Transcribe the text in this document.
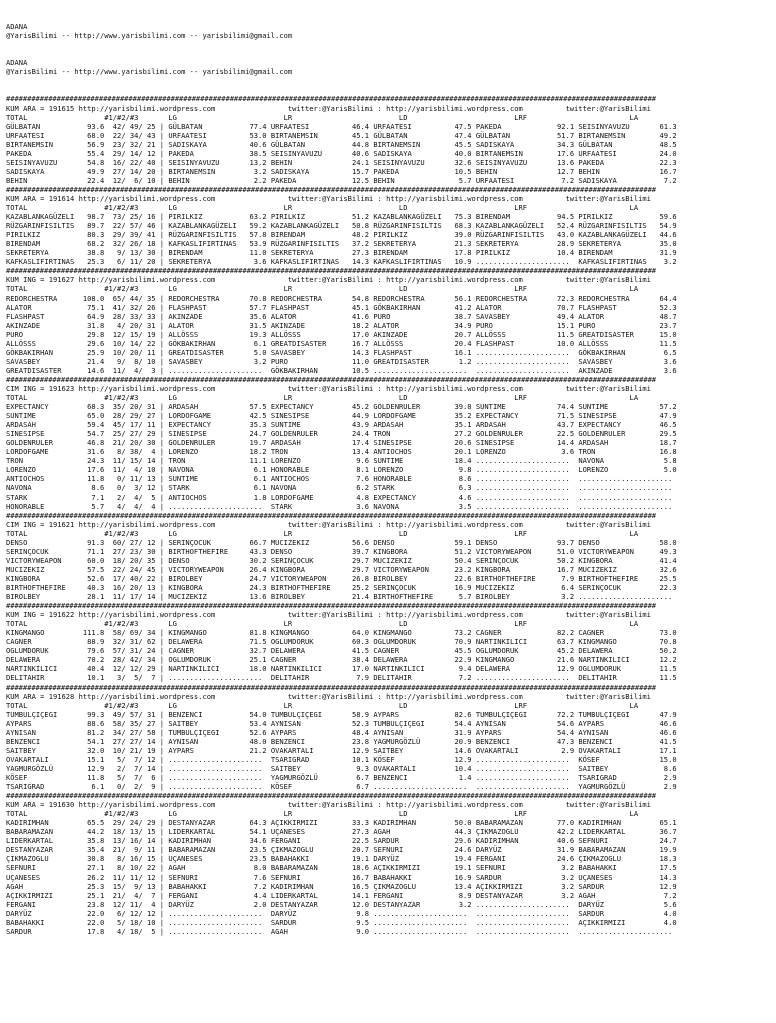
ADANA
@YarisBilimi -- http://www.yarisbilimi.com -- yarisbilimi@gmail.com

ADANA
@YarisBilimi -- http://www.yarisbilimi.com -- yarisbilimi@gmail.com

##########################################################################################################################################################
KUM ARA = 191615 http://yarisbilimi.wordpress.com                 twitter:@YarisBilimi : http://yarisbilimi.wordpress.com          twitter:@YarisBilimi
TOTAL                  #1/#2/#3       LG                         LR                         LD                         LRF                        LA
GÜLBATAN           93.6  42/ 49/ 25 | GÜLBATAN           77.4 URFAATESI          46.4 URFAATESI          47.5 PAKEDA             92.1 SEISINYAVUZU       61.3
URFAATESI          68.0  22/ 34/ 43 | URFAATESI          53.0 BIRTANEMSIN        45.1 GÜLBATAN           47.4 GÜLBATAN           51.7 BIRTANEMSIN        49.2
BIRTANEMSIN        56.9  23/ 32/ 21 | SADISKAYA          40.6 GÜLBATAN           44.8 BIRTANEMSIN        45.5 SADISKAYA          34.3 GÜLBATAN           48.5
PAKEDA             55.4  29/ 14/ 12 | PAKEDA             38.5 SEISINYAVUZU       40.6 SADISKAYA          40.0 BIRTANEMSIN        17.6 URFAATESI          24.0
SEISINYAVUZU       54.8  16/ 22/ 40 | SEISINYAVUZU       13.2 BEHIN              24.1 SEISINYAVUZU       32.6 SEISINYAVUZU       13.6 PAKEDA             22.3
SADISKAYA          49.9  27/ 14/ 20 | BIRTANEMSIN         3.2 SADISKAYA          15.7 PAKEDA             10.5 BEHIN              12.7 BEHIN              16.7
BEHIN              22.4  12/  6/ 10 | BEHIN               2.2 PAKEDA             12.5 BEHIN               5.7 URFAATESI           7.2 SADISKAYA           7.2
##########################################################################################################################################################
KUM ARA = 191614 http://yarisbilimi.wordpress.com                 twitter:@YarisBilimi : http://yarisbilimi.wordpress.com          twitter:@YarisBilimi
TOTAL                  #1/#2/#3       LG                         LR                         LD                         LRF                        LA
KAZABLANKAGÜZELI   98.7  73/ 25/ 16 | PIRILKIZ           63.2 PIRILKIZ           51.2 KAZABLANKAGÜZELI   75.3 BIRENDAM           94.5 PIRILKIZ           59.6
RÜZGARINFISILTIS   89.7  22/ 57/ 46 | KAZABLANKAGÜZELI   59.2 KAZABLANKAGÜZELI   50.8 RÜZGARINFISILTIS   68.3 KAZABLANKAGÜZELI   52.4 RÜZGARINFISILTIS   54.9
PIRILKIZ           80.3  29/ 39/ 41 | RÜZGARINFISILTIS   57.8 BIRENDAM           48.2 PIRILKIZ           39.0 RÜZGARINFISILTIS   43.0 KAZABLANKAGÜZELI   44.6
BIRENDAM           68.2  32/ 26/ 18 | KAFKASLIFIRTINAS   53.9 RÜZGARINFISILTIS   37.2 SEKRETERYA         21.3 SEKRETERYA         28.9 SEKRETERYA         35.0
SEKRETERYA         38.8   9/ 13/ 30 | BIRENDAM           11.0 SEKRETERYA         27.3 BIRENDAM           17.8 PIRILKIZ           10.4 BIRENDAM           31.9
KAFKASLIFIRTINAS   25.3   6/ 11/ 20 | SEKRETERYA          3.6 KAFKASLIFIRTINAS   14.3 KAFKASLIFIRTINAS   10.9 ......................  KAFKASLIFIRTINAS    3.2
##########################################################################################################################################################
KUM ING = 191627 http://yarisbilimi.wordpress.com                 twitter:@YarisBilimi : http://yarisbilimi.wordpress.com          twitter:@YarisBilimi
TOTAL                  #1/#2/#3       LG                         LR                         LD                         LRF                        LA
REDORCHESTRA      108.0  65/ 44/ 35 | REDORCHESTRA       70.8 REDORCHESTRA       54.8 REDORCHESTRA       56.1 REDORCHESTRA       72.3 REDORCHESTRA       64.4
ALATOR             75.1  41/ 32/ 26 | FLASHPAST          57.7 FLASHPAST          45.1 GÖKBAKIRHAN        41.2 ALATOR             70.7 FLASHPAST          52.3
FLASHPAST          64.9  28/ 33/ 33 | AKINZADE           35.6 ALATOR             41.6 PURO               38.7 SAVASBEY           49.4 ALATOR             48.7
AKINZADE           31.8   4/ 20/ 31 | ALATOR             31.5 AKINZADE           18.2 ALATOR             34.9 PURO               15.1 PURO               23.7
PURO               29.8  12/ 15/ 19 | ALLÖSSS            19.3 ALLÖSSS            17.0 AKINZADE           20.7 ALLÖSSS            11.5 GREATDISASTER      15.0
ALLÖSSS            29.6  10/ 14/ 22 | GÖKBAKIRHAN         6.1 GREATDISASTER      16.7 ALLÖSSS            20.4 FLASHPAST          10.0 ALLÖSSS            11.5
GÖKBAKIRHAN        25.9  10/ 20/ 11 | GREATDISASTER       5.0 SAVASBEY           14.3 FLASHPAST          16.1 ......................  GÖKBAKIRHAN         6.5
SAVASBEY           21.4   9/  8/ 10 | SAVASBEY            3.2 PURO               11.0 GREATDISASTER       1.2 ......................  SAVASBEY            3.6
GREATDISASTER      14.6  11/  4/  3 | ......................  GÖKBAKIRHAN        10.5 ......................  ......................  AKINZADE            3.6
##########################################################################################################################################################
CIM ING = 191623 http://yarisbilimi.wordpress.com                 twitter:@YarisBilimi : http://yarisbilimi.wordpress.com          twitter:@YarisBilimi
TOTAL                  #1/#2/#3       LG                         LR                         LD                         LRF                        LA
EXPECTANCY         68.3  35/ 20/ 31 | ARDASAH            57.5 EXPECTANCY         45.2 GOLDENRULER        39.8 SUNTIME            74.4 SUNTIME            57.2
SUNTIME            65.0  28/ 29/ 27 | LORDOFGAME         42.5 SINESIPSE          44.9 LORDOFGAME         35.2 EXPECTANCY         71.5 SINESIPSE          47.9
ARDASAH            59.4  45/ 17/ 11 | EXPECTANCY         35.3 SUNTIME            43.9 ARDASAH            35.1 ARDASAH            43.7 EXPECTANCY         46.5
SINESIPSE          54.7  25/ 27/ 29 | SINESIPSE          24.7 GOLDENRULER        24.4 TRON               27.2 GOLDENRULER        22.5 GOLDENRULER        29.5
GOLDENRULER        46.8  21/ 20/ 30 | GOLDENRULER        19.7 ARDASAH            17.4 SINESIPSE          20.6 SINESIPSE          14.4 ARDASAH            18.7
LORDOFGAME         31.6   8/ 38/  4 | LORENZO            18.2 TRON               13.4 ANTIOCHOS          20.1 LORENZO             3.6 TRON               16.8
TRON               24.3  11/ 15/ 14 | TRON               11.1 LORENZO             9.6 SUNTIME            18.4 ......................  NAVONA              5.8
LORENZO            17.6  11/  4/ 10 | NAVONA              6.1 HONORABLE           8.1 LORENZO             9.8 ......................  LORENZO             5.0
ANTIOCHOS          11.8   0/ 11/ 13 | SUNTIME             6.1 ANTIOCHOS           7.6 HONORABLE           8.6 ......................  ......................
NAVONA              8.6   0/  3/ 12 | STARK               6.1 NAVONA              6.2 STARK               6.3 ......................  ......................
STARK               7.1   2/  4/  5 | ANTIOCHOS           1.8 LORDOFGAME          4.8 EXPECTANCY          4.6 ......................  ......................
HONORABLE           5.7   4/  4/  4 | ......................  STARK               3.6 NAVONA              3.5 ......................  ......................
##########################################################################################################################################################
CIM ING = 191621 http://yarisbilimi.wordpress.com                 twitter:@YarisBilimi : http://yarisbilimi.wordpress.com          twitter:@YarisBilimi
TOTAL                  #1/#2/#3       LG                         LR                         LD                         LRF                        LA
DENSO              91.3  60/ 27/ 12 | SERINÇOCUK         66.7 MUCIZEKIZ          56.6 DENSO              59.1 DENSO              93.7 DENSO              58.0
SERINÇOCUK         71.1  27/ 23/ 30 | BIRTHOFTHEFIRE     43.3 DENSO              39.7 KINGBORA           51.2 VICTORYWEAPON      51.0 VICTORYWEAPON      49.3
VICTORYWEAPON      60.0  18/ 20/ 35 | DENSO              30.2 SERINÇOCUK         29.7 MUCIZEKIZ          50.4 SERINÇOCUK         50.2 KINGBORA           41.4
MUCIZEKIZ          57.5  22/ 24/ 45 | VICTORYWEAPON      26.4 KINGBORA           29.7 VICTORYWEAPON      23.2 KINGBORA           16.7 MUCIZEKIZ          32.6
KINGBORA           52.6  17/ 40/ 22 | BIROLBEY           24.7 VICTORYWEAPON      26.8 BIROLBEY           22.6 BIRTHOFTHEFIRE      7.9 BIRTHOFTHEFIRE     25.5
BIRTHOFTHEFIRE     40.3  16/ 20/ 13 | KINGBORA           24.3 BIRTHOFTHEFIRE     25.2 SERINÇOCUK         16.9 MUCIZEKIZ           6.4 SERINÇOCUK         22.3
BIROLBEY           28.1  11/ 17/ 14 | MUCIZEKIZ          13.6 BIROLBEY           21.4 BIRTHOFTHEFIRE      5.7 BIROLBEY            3.2 ......................
##########################################################################################################################################################
KUM ING = 191622 http://yarisbilimi.wordpress.com                 twitter:@YarisBilimi : http://yarisbilimi.wordpress.com          twitter:@YarisBilimi
TOTAL                  #1/#2/#3       LG                         LR                         LD                         LRF                        LA
KINGMANGO         111.8  58/ 69/ 34 | KINGMANGO          81.8 KINGMANGO          64.0 KINGMANGO          73.2 CAGNER             82.2 CAGNER             73.0
CAGNER             88.9  32/ 31/ 62 | DELAWERA           71.5 OGLUMDORUK         60.3 OGLUMDORUK         70.9 NARTINKILICI       63.7 KINGMANGO          70.8
OGLUMDORUK         79.6  57/ 31/ 24 | CAGNER             32.7 DELAWERA           41.5 CAGNER             45.5 OGLUMDORUK         45.2 DELAWERA           50.2
DELAWERA           70.2  28/ 42/ 34 | OGLUMDORUK         25.1 CAGNER             38.4 DELAWERA           22.9 KINGMANGO          21.6 NARTINKILICI       12.2
NARTINKILICI       40.4  12/ 12/ 29 | NARTINKILICI       18.0 NARTINKILICI       17.0 NARTINKILICI        9.4 DELAWERA           12.9 OGLUMDORUK         11.5
DELITAHIR          10.1   3/  5/  7 | ......................  DELITAHIR           7.9 DELITAHIR           7.2 ......................  DELITAHIR          11.5
##########################################################################################################################################################
KUM ARA = 191628 http://yarisbilimi.wordpress.com                 twitter:@YarisBilimi : http://yarisbilimi.wordpress.com          twitter:@YarisBilimi
TOTAL                  #1/#2/#3       LG                         LR                         LD                         LRF                        LA
TUMBULÇIÇEGI       99.3  49/ 57/ 31 | BENZENCI           54.0 TUMBULÇIÇEGI       58.9 AYPARS             82.6 TUMBULÇIÇEGI       72.2 TUMBULÇIÇEGI       47.9
AYPARS             88.6  58/ 35/ 27 | SAITBEY            53.4 AYNISAN            52.3 TUMBULÇIÇEGI       54.4 AYNISAN            54.6 AYPARS             46.6
AYNISAN            81.2  34/ 27/ 58 | TUMBULÇIÇEGI       52.6 AYPARS             48.4 AYNISAN            31.9 AYPARS             54.4 AYNISAN            46.6
BENZENCI           54.1  27/ 27/ 14 | AYNISAN            48.0 BENZENCI           23.8 YAGMURGÖZLÜ        20.9 BENZENCI           47.3 BENZENCI           41.5
SAITBEY            32.0  10/ 21/ 19 | AYPARS             21.2 OVAKARTALI         12.9 SAITBEY            14.6 OVAKARTALI          2.9 OVAKARTALI         17.1
OVAKARTALI         15.1   5/  7/ 12 | ......................  TSARIGRAD          10.1 KÖSEF              12.9 ......................  KÖSEF              15.0
YAGMURGÖZLÜ        12.9   2/  7/ 14 | ......................  SAITBEY             9.3 OVAKARTALI         10.4 ......................  SAITBEY             8.6
KÖSEF              11.8   5/  7/  6 | ......................  YAGMURGÖZLÜ         6.7 BENZENCI            1.4 ......................  TSARIGRAD           2.9
TSARIGRAD           6.1   0/  2/  9 | ......................  KÖSEF               6.7 ......................  ......................  YAGMURGÖZLÜ         2.9
##########################################################################################################################################################
KUM ARA = 191630 http://yarisbilimi.wordpress.com                 twitter:@YarisBilimi : http://yarisbilimi.wordpress.com          twitter:@YarisBilimi
TOTAL                  #1/#2/#3       LG                         LR                         LD                         LRF                        LA
KADIRIMHAN         65.5  29/ 24/ 29 | DESTANYAZAR        64.3 AÇIKKIRMIZI        33.3 KADIRIMHAN         50.0 BABARAMAZAN        77.0 KADIRIMHAN         65.1
BABARAMAZAN        44.2  18/ 13/ 15 | LIDERKARTAL        54.1 UÇANESES           27.3 AGAH               44.3 ÇIKMAZOGLU         42.2 LIDERKARTAL        36.7
LIDERKARTAL        35.8  13/ 16/ 14 | KADIRIMHAN         34.6 FERGANI            22.5 SARDUR             29.6 KADIRIMHAN         40.6 SEFNURI            24.7
DESTANYAZAR        35.4  21/  9/ 11 | BABARAMAZAN        23.5 ÇIKMAZOGLU         20.7 SEFNURI            24.6 DARYÜZ             31.9 BABARAMAZAN        19.9
ÇIKMAZOGLU         30.8   8/ 16/ 15 | UÇANESES           23.5 BABAHAKKI          19.1 DARYÜZ             19.4 FERGANI            24.6 ÇIKMAZOGLU         18.3
SEFNURI            27.1   8/ 10/ 22 | AGAH                8.0 BABARAMAZAN        18.6 AÇIKKIRMIZI        19.1 SEFNURI             3.2 BABAHAKKI          17.5
UÇANESES           26.2  11/ 11/ 12 | SEFNURI             7.6 SEFNURI            16.7 BABAHAKKI          16.9 SARDUR              3.2 UÇANESES           14.3
AGAH               25.3  15/  9/ 13 | BABAHAKKI           7.2 KADIRIMHAN         16.5 ÇIKMAZOGLU         13.4 AÇIKKIRMIZI         3.2 SARDUR             12.9
AÇIKKIRMIZI        25.1  21/  4/  7 | FERGANI             4.4 LIDERKARTAL        14.1 FERGANI             8.9 DESTANYAZAR         3.2 AGAH                7.2
FERGANI            23.8  12/ 11/  4 | DARYÜZ              2.0 DESTANYAZAR        12.0 DESTANYAZAR         3.2 ......................  DARYÜZ              5.6
DARYÜZ             22.0   6/ 12/ 12 | ......................  DARYÜZ              9.8 ......................  ......................  SARDUR              4.0
BABAHAKKI          22.0   5/ 18/ 10 | ......................  SARDUR              9.5 ......................  ......................  AÇIKKIRMIZI         4.0
SARDUR             17.8   4/ 18/  5 | ......................  AGAH                9.0 ......................  ......................  ......................
